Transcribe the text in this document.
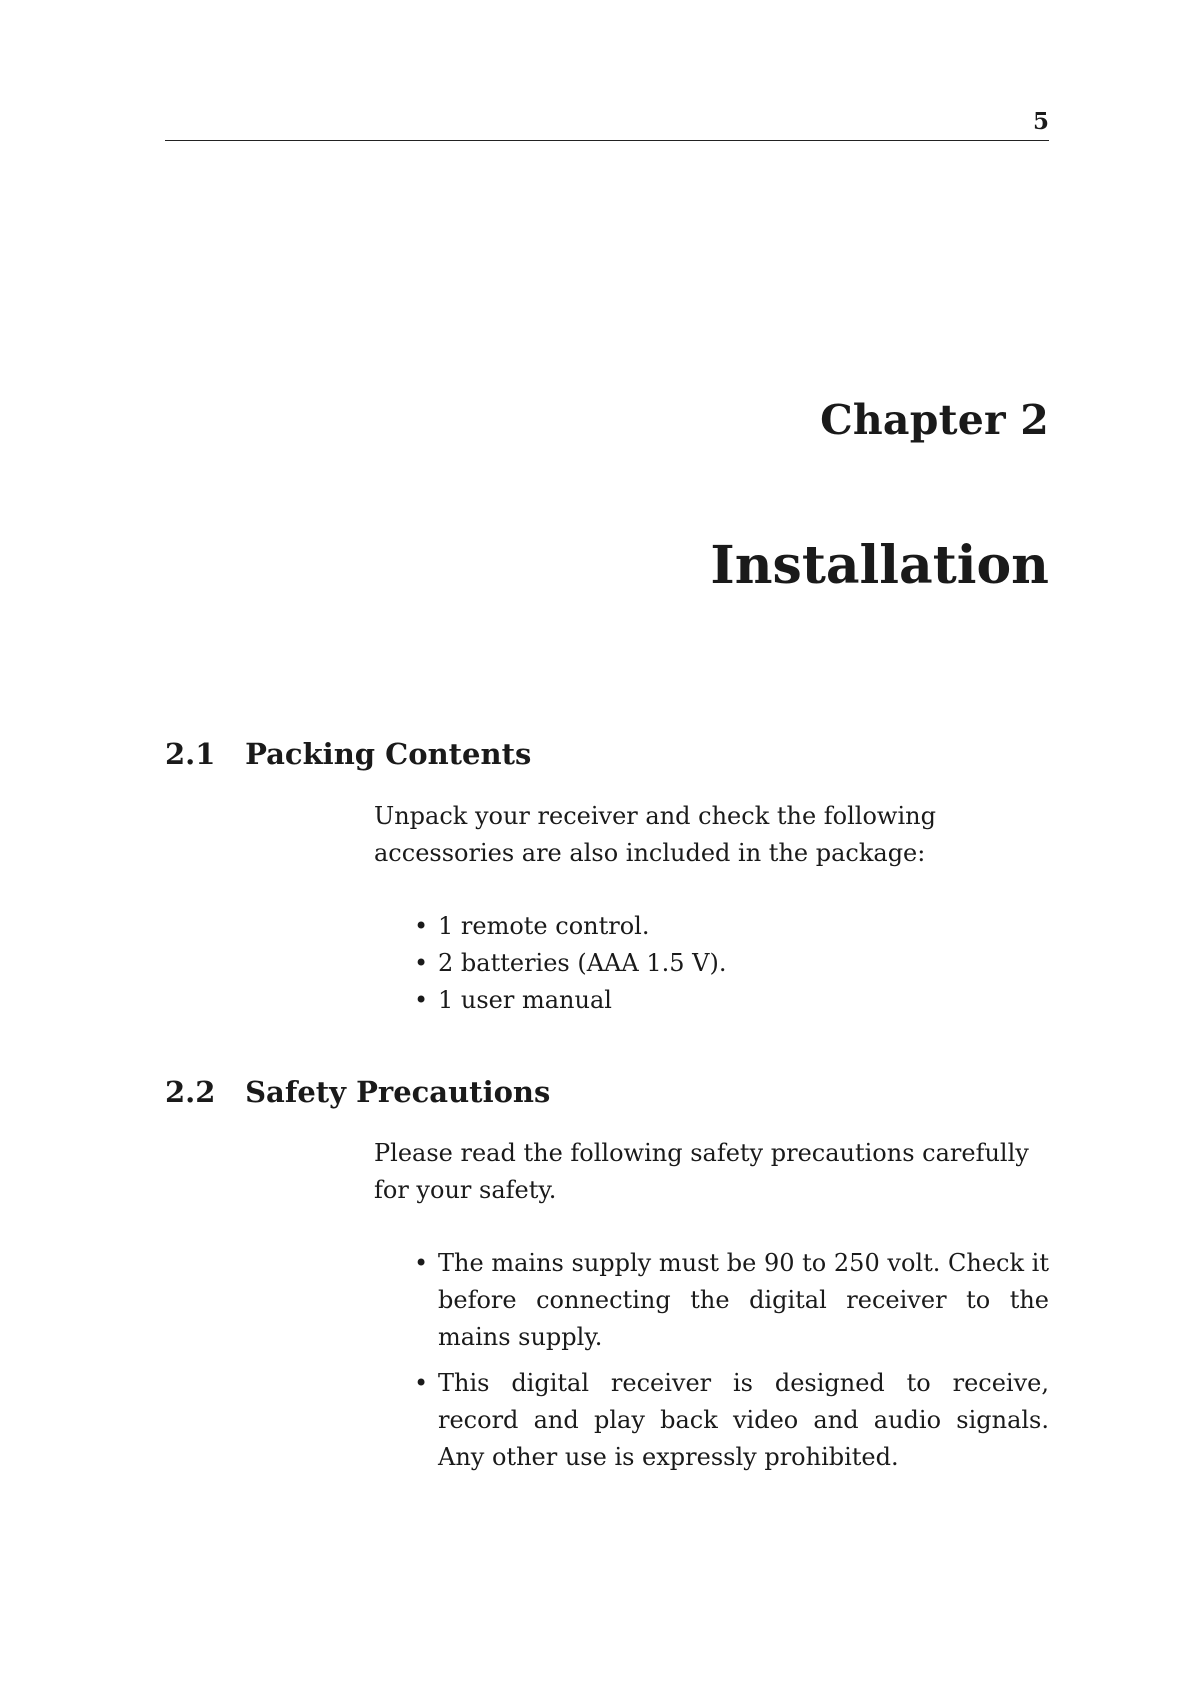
5
Chapter 2
Installation
2.1 Packing Contents

Unpack your receiver and check the following accessories are also included in the package:

• 1 remote control.
• 2 batteries (AAA 1.5 V).
• 1 user manual
2.2 Safety Precautions

Please read the following safety precautions carefully for your safety.

• The mains supply must be 90 to 250 volt. Check it before connecting the digital receiver to the mains supply.
• This digital receiver is designed to receive, record and play back video and audio signals. Any other use is expressly prohibited.
